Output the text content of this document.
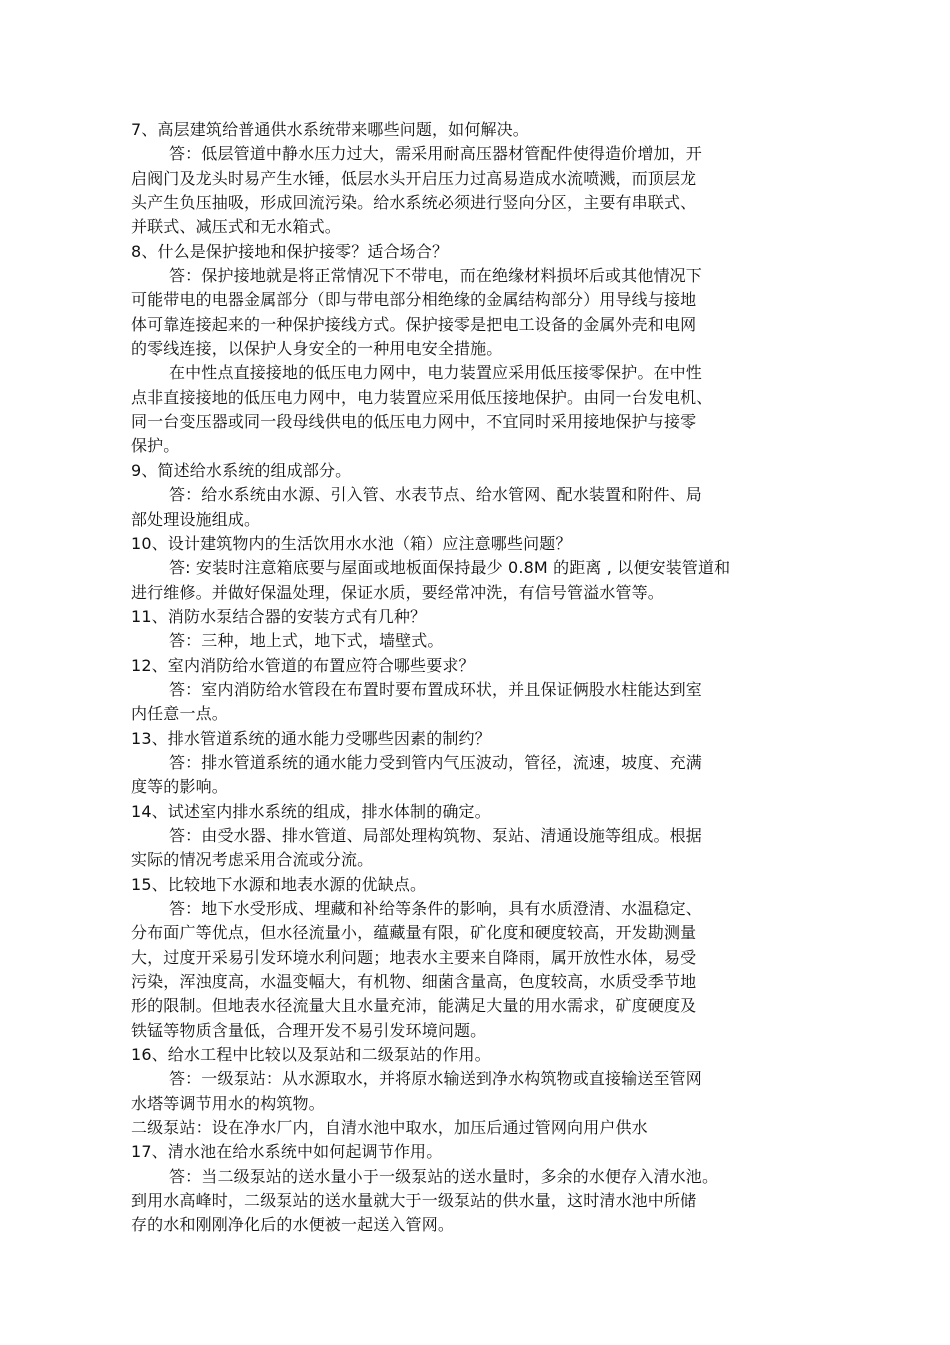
7、高层建筑给普通供水系统带来哪些问题，如何解决。
答：低层管道中静水压力过大，需采用耐高压器材管配件使得造价增加，开
启阀门及龙头时易产生水锤，低层水头开启压力过高易造成水流喷溅，而顶层龙
头产生负压抽吸，形成回流污染。给水系统必须进行竖向分区，主要有串联式、
并联式、减压式和无水箱式。
8、什么是保护接地和保护接零？适合场合？
答：保护接地就是将正常情况下不带电，而在绝缘材料损坏后或其他情况下
可能带电的电器金属部分（即与带电部分相绝缘的金属结构部分）用导线与接地
体可靠连接起来的一种保护接线方式。保护接零是把电工设备的金属外壳和电网
的零线连接，以保护人身安全的一种用电安全措施。
在中性点直接接地的低压电力网中，电力装置应采用低压接零保护。在中性
点非直接接地的低压电力网中，电力装置应采用低压接地保护。由同一台发电机、
同一台变压器或同一段母线供电的低压电力网中，不宜同时采用接地保护与接零
保护。
9、简述给水系统的组成部分。
答：给水系统由水源、引入管、水表节点、给水管网、配水装置和附件、局
部处理设施组成。
10、设计建筑物内的生活饮用水水池（箱）应注意哪些问题？
答: 安装时注意箱底要与屋面或地板面保持最少 0.8M 的距离 , 以便安装管道和
进行维修。并做好保温处理，保证水质，要经常冲洗，有信号管溢水管等。
11、消防水泵结合器的安装方式有几种？
答：三种，地上式，地下式，墙壁式。
12、室内消防给水管道的布置应符合哪些要求？
答：室内消防给水管段在布置时要布置成环状，并且保证俩股水柱能达到室
内任意一点。
13、排水管道系统的通水能力受哪些因素的制约？
答：排水管道系统的通水能力受到管内气压波动，管径，流速，坡度、充满
度等的影响。
14、试述室内排水系统的组成，排水体制的确定。
答：由受水器、排水管道、局部处理构筑物、泵站、清通设施等组成。根据
实际的情况考虑采用合流或分流。
15、比较地下水源和地表水源的优缺点。
答：地下水受形成、埋藏和补给等条件的影响，具有水质澄清、水温稳定、
分布面广等优点，但水径流量小，蕴藏量有限，矿化度和硬度较高，开发勘测量
大，过度开采易引发环境水利问题；地表水主要来自降雨，属开放性水体，易受
污染，浑浊度高，水温变幅大，有机物、细菌含量高，色度较高，水质受季节地
形的限制。但地表水径流量大且水量充沛，能满足大量的用水需求，矿度硬度及
铁锰等物质含量低，合理开发不易引发环境问题。
16、给水工程中比较以及泵站和二级泵站的作用。
答：一级泵站：从水源取水，并将原水输送到净水构筑物或直接输送至管网
水塔等调节用水的构筑物。
二级泵站：设在净水厂内，自清水池中取水，加压后通过管网向用户供水
17、清水池在给水系统中如何起调节作用。
答：当二级泵站的送水量小于一级泵站的送水量时，多余的水便存入清水池。
到用水高峰时，二级泵站的送水量就大于一级泵站的供水量，这时清水池中所储
存的水和刚刚净化后的水便被一起送入管网。
